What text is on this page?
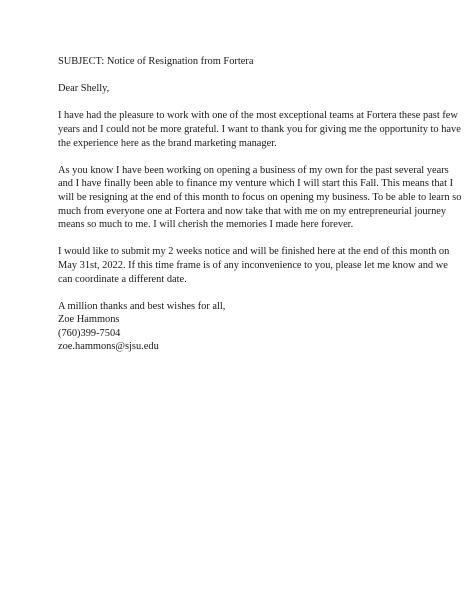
SUBJECT: Notice of Resignation from Fortera

Dear Shelly,

I have had the pleasure to work with one of the most exceptional teams at Fortera these past few
years and I could not be more grateful. I want to thank you for giving me the opportunity to have
the experience here as the brand marketing manager.

As you know I have been working on opening a business of my own for the past several years
and I have finally been able to finance my venture which I will start this Fall. This means that I
will be resigning at the end of this month to focus on opening my business. To be able to learn so
much from everyone one at Fortera and now take that with me on my entrepreneurial journey
means so much to me. I will cherish the memories I made here forever.

I would like to submit my 2 weeks notice and will be finished here at the end of this month on
May 31st, 2022. If this time frame is of any inconvenience to you, please let me know and we
can coordinate a different date.

A million thanks and best wishes for all,
Zoe Hammons
(760)399-7504
zoe.hammons@sjsu.edu
